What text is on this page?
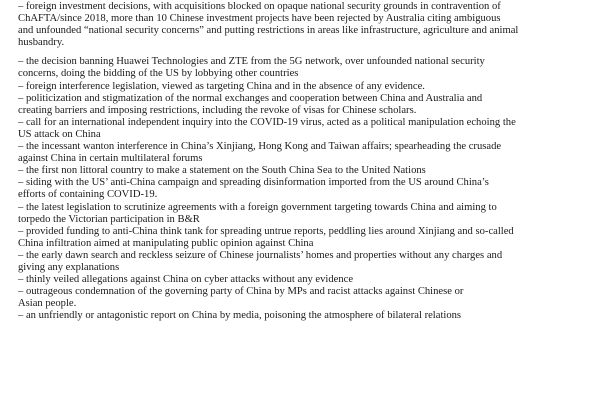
– foreign investment decisions, with acquisitions blocked on opaque national security grounds in contravention of
ChAFTA/since 2018, more than 10 Chinese investment projects have been rejected by Australia citing ambiguous
and unfounded “national security concerns” and putting restrictions in areas like infrastructure, agriculture and animal
husbandry.

– the decision banning Huawei Technologies and ZTE from the 5G network, over unfounded national security
concerns, doing the bidding of the US by lobbying other countries

– foreign interference legislation, viewed as targeting China and in the absence of any evidence.

– politicization and stigmatization of the normal exchanges and cooperation between China and Australia and
creating barriers and imposing restrictions, including the revoke of visas for Chinese scholars.

– call for an international independent inquiry into the COVID-19 virus, acted as a political manipulation echoing the
US attack on China

– the incessant wanton interference in China’s Xinjiang, Hong Kong and Taiwan affairs; spearheading the crusade
against China in certain multilateral forums

– the first non littoral country to make a statement on the South China Sea to the United Nations

– siding with the US’ anti-China campaign and spreading disinformation imported from the US around China’s
efforts of containing COVID-19.

– the latest legislation to scrutinize agreements with a foreign government targeting towards China and aiming to
torpedo the Victorian participation in B&R

– provided funding to anti-China think tank for spreading untrue reports, peddling lies around Xinjiang and so-called
China infiltration aimed at manipulating public opinion against China

– the early dawn search and reckless seizure of Chinese journalists’ homes and properties without any charges and
giving any explanations

– thinly veiled allegations against China on cyber attacks without any evidence

– outrageous condemnation of the governing party of China by MPs and racist attacks against Chinese or
Asian people.

– an unfriendly or antagonistic report on China by media, poisoning the atmosphere of bilateral relations
